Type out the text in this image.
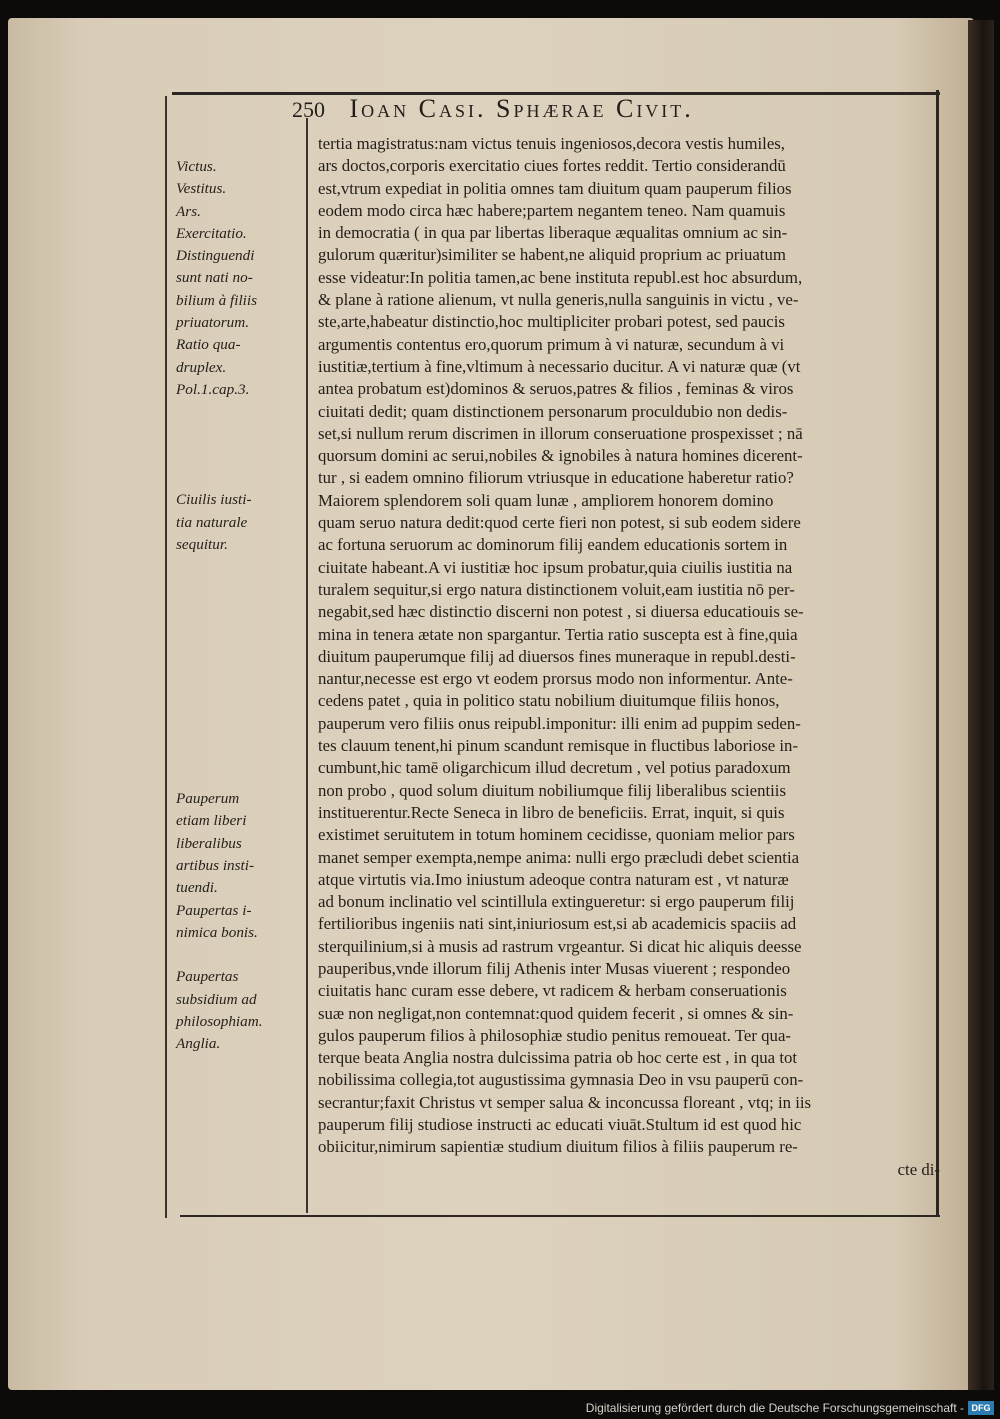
250 Ioan Casi. Sphærae Civit.

Victus.
Vestitus.
Ars.
Exercitatio.
Distinguendi
sunt nati no-
bilium à filiis
priuatorum.
Ratio qua-
druplex.
Pol.1.cap.3.

Ciuilis iusti-
tia naturale
sequitur.

Pauperum
etiam liberi
liberalibus
artibus insti-
tuendi.
Paupertas i-
nimica bonis.

Paupertas
subsidium ad
philosophiam.
Anglia.

tertia magistratus:nam victus tenuis ingeniosos,decora vestis humiles,
ars doctos,corporis exercitatio ciues fortes reddit. Tertio considerandū
est,vtrum expediat in politia omnes tam diuitum quam pauperum filios
eodem modo circa hæc habere;partem negantem teneo. Nam quamuis
in democratia ( in qua par libertas liberaque æqualitas omnium ac sin-
gulorum quæritur)similiter se habent,ne aliquid proprium ac priuatum
esse videatur:In politia tamen,ac bene instituta republ.est hoc absurdum,
& plane à ratione alienum, vt nulla generis,nulla sanguinis in victu , ve-
ste,arte,habeatur distinctio,hoc multipliciter probari potest, sed paucis
argumentis contentus ero,quorum primum à vi naturæ, secundum à vi
iustitiæ,tertium à fine,vltimum à necessario ducitur. A vi naturæ quæ (vt
antea probatum est)dominos & seruos,patres & filios , feminas & viros
ciuitati dedit; quam distinctionem personarum proculdubio non dedis-
set,si nullum rerum discrimen in illorum conseruatione prospexisset ; nā
quorsum domini ac serui,nobiles & ignobiles à natura homines dicerent-
tur , si eadem omnino filiorum vtriusque in educatione haberetur ratio?
Maiorem splendorem soli quam lunæ , ampliorem honorem domino
quam seruo natura dedit:quod certe fieri non potest, si sub eodem sidere
ac fortuna seruorum ac dominorum filij eandem educationis sortem in
ciuitate habeant.A vi iustitiæ hoc ipsum probatur,quia ciuilis iustitia na
turalem sequitur,si ergo natura distinctionem voluit,eam iustitia nō per-
negabit,sed hæc distinctio discerni non potest , si diuersa educatiouis se-
mina in tenera ætate non spargantur. Tertia ratio suscepta est à fine,quia
diuitum pauperumque filij ad diuersos fines muneraque in republ.desti-
nantur,necesse est ergo vt eodem prorsus modo non informentur. Ante-
cedens patet , quia in politico statu nobilium diuitumque filiis honos,
pauperum vero filiis onus reipubl.imponitur: illi enim ad puppim seden-
tes clauum tenent,hi pinum scandunt remisque in fluctibus laboriose in-
cumbunt,hic tamē oligarchicum illud decretum , vel potius paradoxum
non probo , quod solum diuitum nobiliumque filij liberalibus scientiis
instituerentur.Recte Seneca in libro de beneficiis. Errat, inquit, si quis
existimet seruitutem in totum hominem cecidisse, quoniam melior pars
manet semper exempta,nempe anima: nulli ergo præcludi debet scientia
atque virtutis via.Imo iniustum adeoque contra naturam est , vt naturæ
ad bonum inclinatio vel scintillula extingueretur: si ergo pauperum filij
fertilioribus ingeniis nati sint,iniuriosum est,si ab academicis spaciis ad
sterquilinium,si à musis ad rastrum vrgeantur. Si dicat hic aliquis deesse
pauperibus,vnde illorum filij Athenis inter Musas viuerent ; respondeo
ciuitatis hanc curam esse debere, vt radicem & herbam conseruationis
suæ non negligat,non contemnat:quod quidem fecerit , si omnes & sin-
gulos pauperum filios à philosophiæ studio penitus remoueat. Ter qua-
terque beata Anglia nostra dulcissima patria ob hoc certe est , in qua tot
nobilissima collegia,tot augustissima gymnasia Deo in vsu pauperū con-
secrantur;faxit Christus vt semper salua & inconcussa floreant , vtq; in iis
pauperum filij studiose instructi ac educati viuāt.Stultum id est quod hic
obiicitur,nimirum sapientiæ studium diuitum filios à filiis pauperum re-
cte di-
Digitalisierung gefördert durch die Deutsche Forschungsgemeinschaft - DFG
